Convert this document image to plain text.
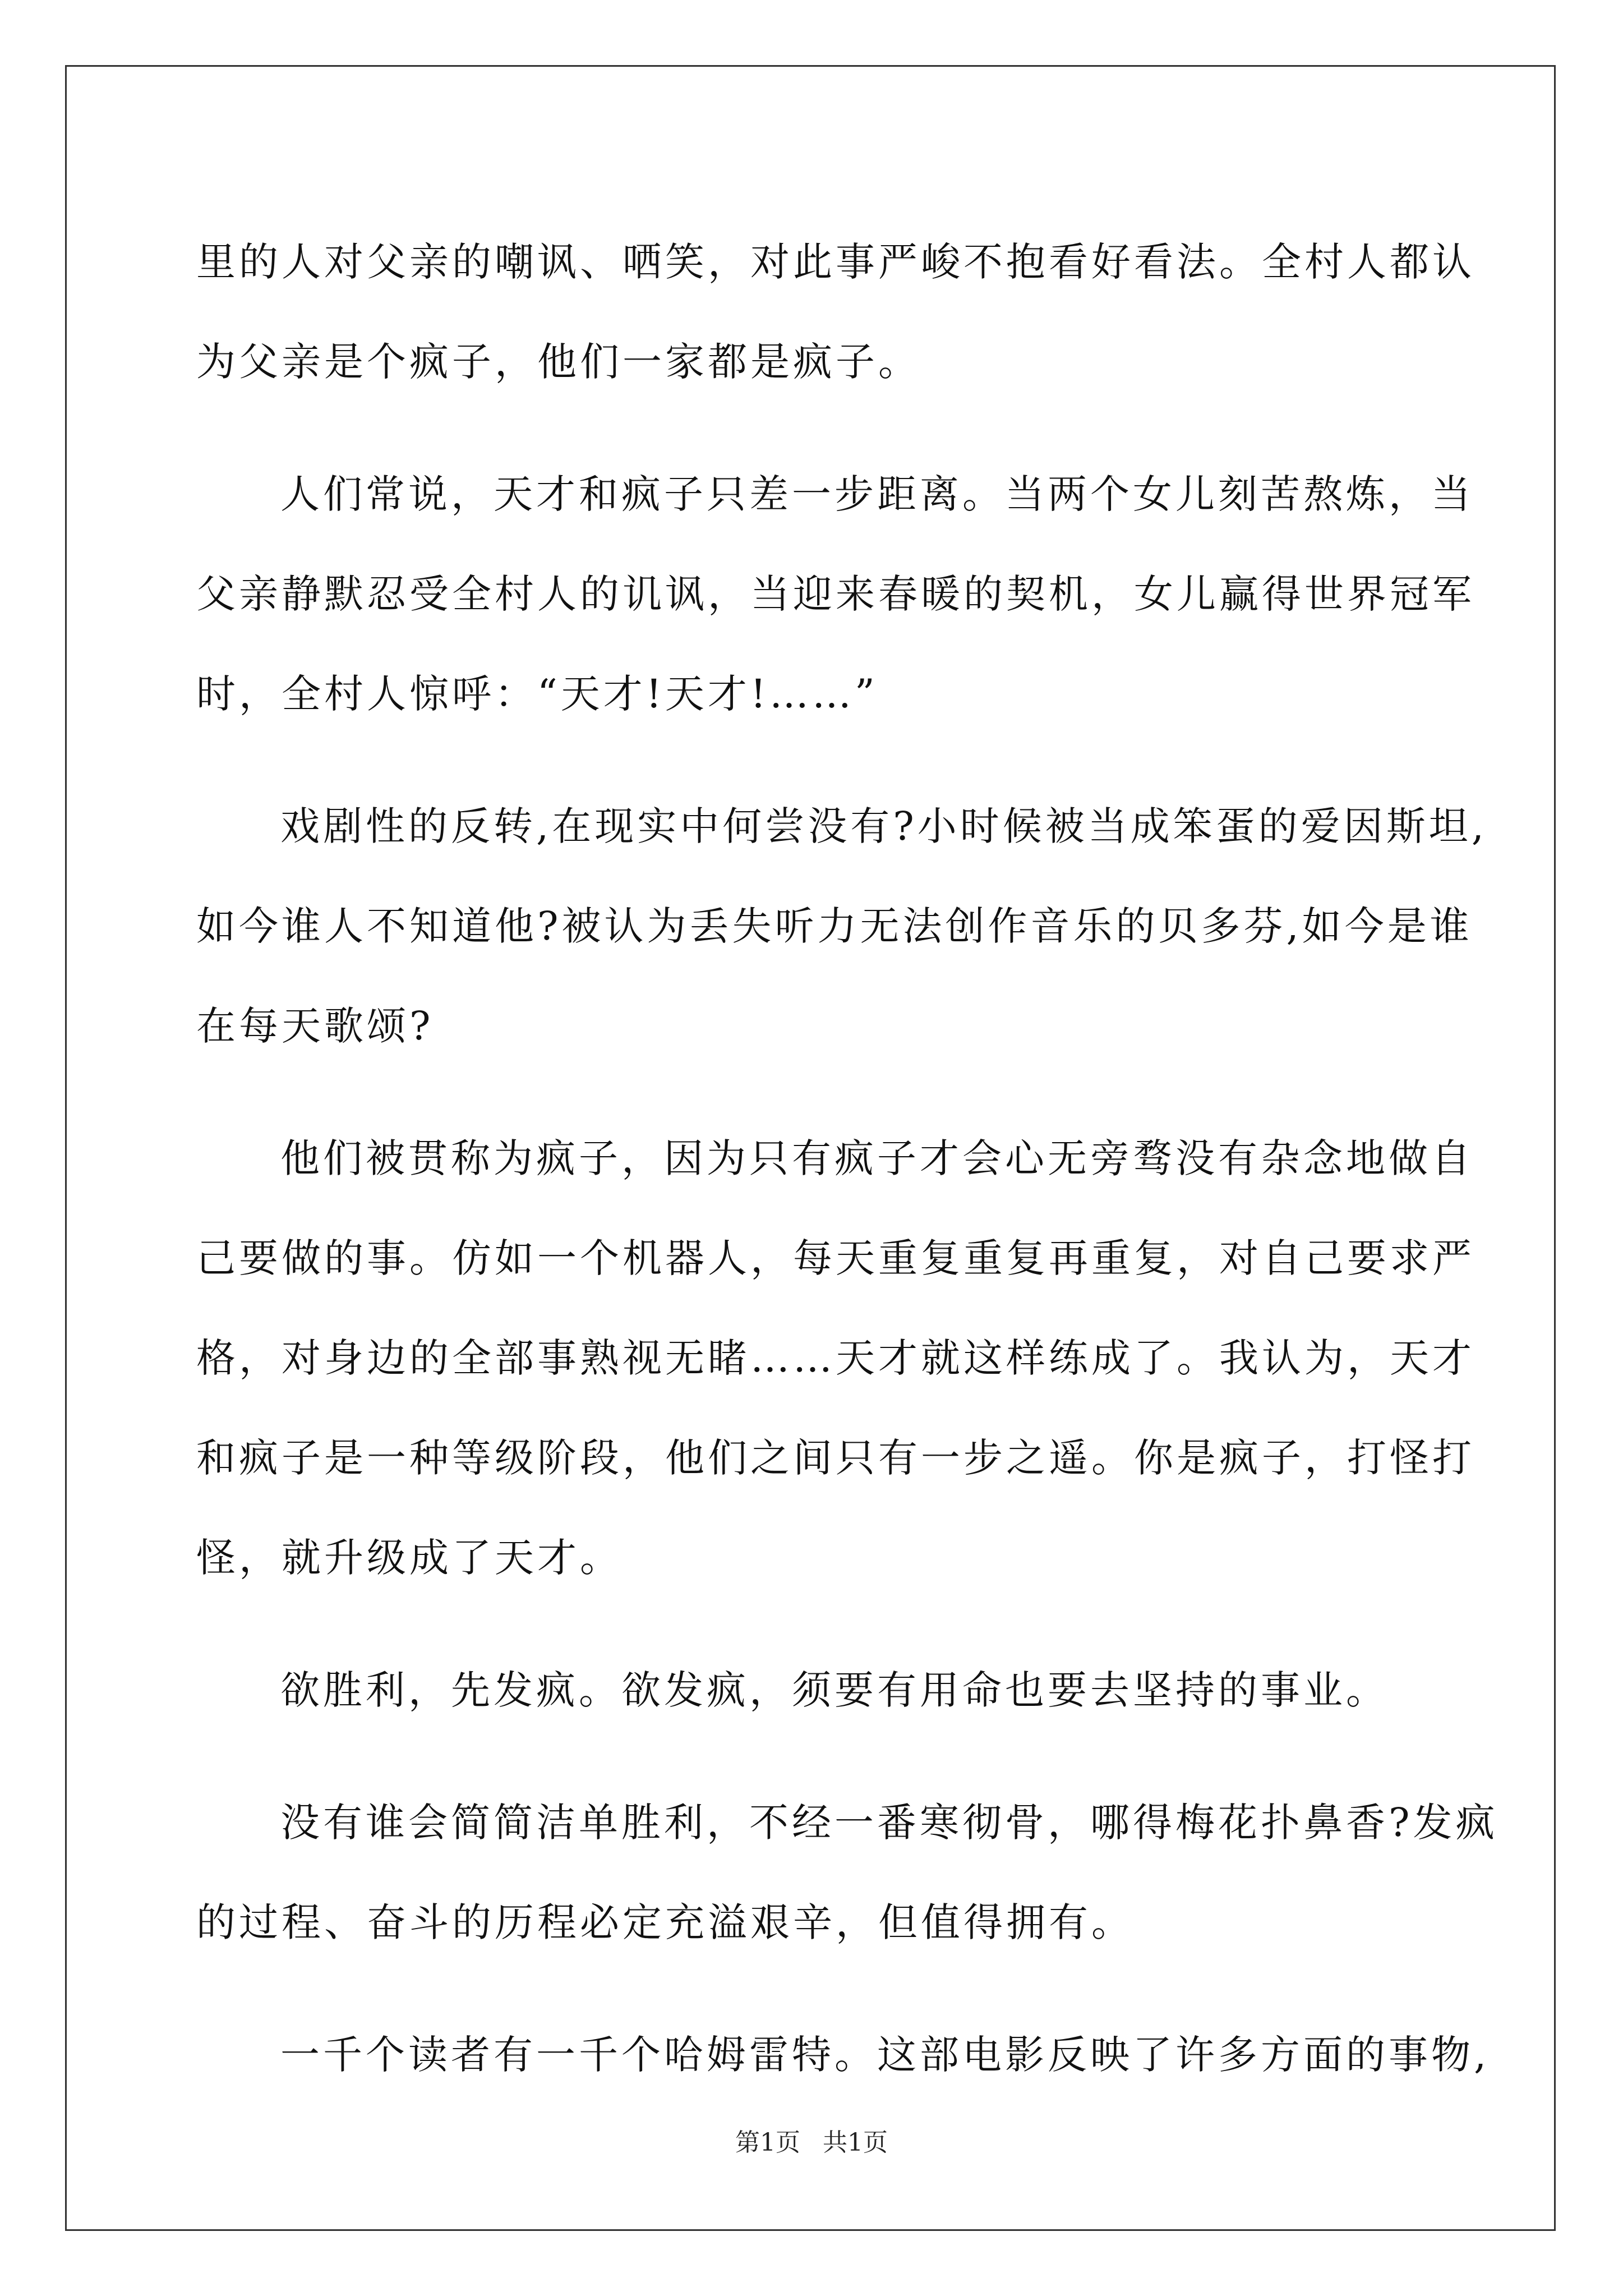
里的人对父亲的嘲讽、哂笑，对此事严峻不抱看好看法。全村人都认

为父亲是个疯子，他们一家都是疯子。

人们常说，天才和疯子只差一步距离。当两个女儿刻苦熬炼，当

父亲静默忍受全村人的讥讽，当迎来春暖的契机，女儿赢得世界冠军

时，全村人惊呼：“天才!天才!……”

戏剧性的反转,在现实中何尝没有?小时候被当成笨蛋的爱因斯坦,

如今谁人不知道他?被认为丢失听力无法创作音乐的贝多芬,如今是谁

在每天歌颂?

他们被贯称为疯子，因为只有疯子才会心无旁骛没有杂念地做自

己要做的事。仿如一个机器人，每天重复重复再重复，对自己要求严

格，对身边的全部事熟视无睹……天才就这样练成了。我认为，天才

和疯子是一种等级阶段，他们之间只有一步之遥。你是疯子，打怪打

怪，就升级成了天才。

欲胜利，先发疯。欲发疯，须要有用命也要去坚持的事业。

没有谁会简简洁单胜利，不经一番寒彻骨，哪得梅花扑鼻香?发疯

的过程、奋斗的历程必定充溢艰辛，但值得拥有。

一千个读者有一千个哈姆雷特。这部电影反映了许多方面的事物,

第1页 共1页
